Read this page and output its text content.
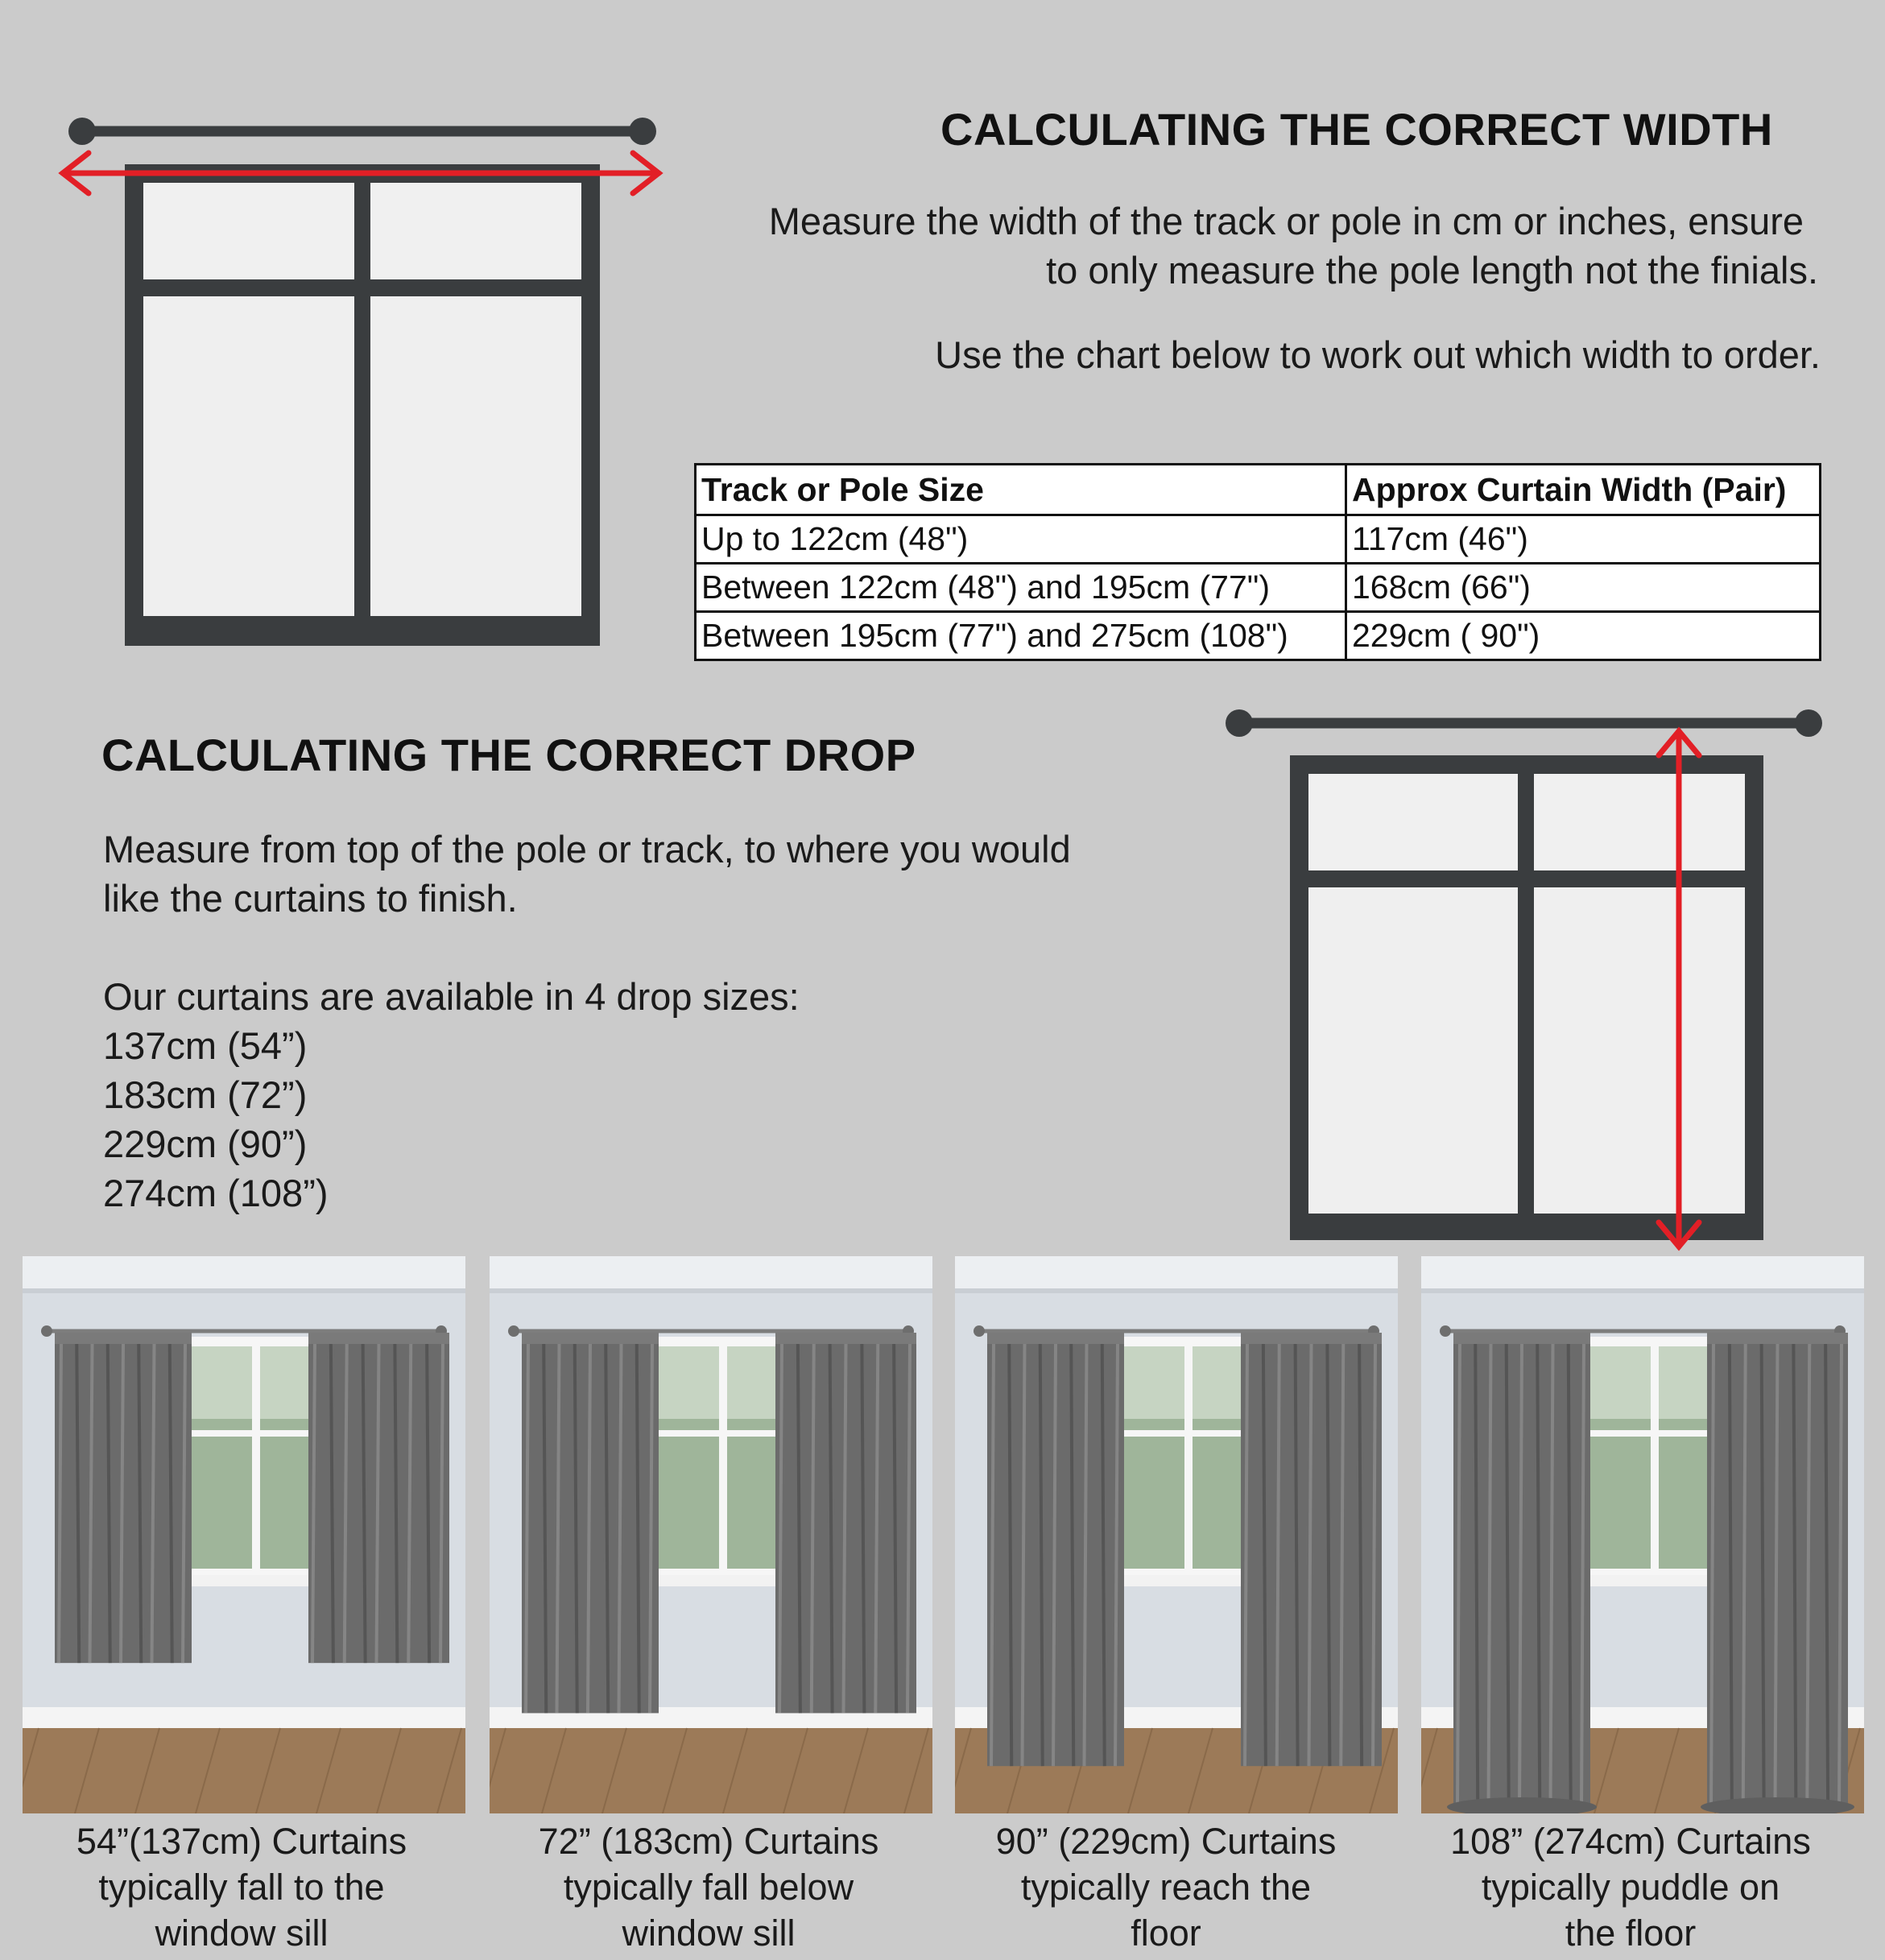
CALCULATING THE CORRECT WIDTH
Measure the width of the track or pole in cm or inches, ensure
to only measure the pole length not the finials.
Use the chart below to work out which width to order.
Track or Pole Size	Approx Curtain Width (Pair)
Up to 122cm (48")	117cm (46")
Between 122cm (48") and 195cm (77")	168cm (66")
Between 195cm (77") and 275cm (108")	229cm ( 90")
CALCULATING THE CORRECT DROP
Measure from top of the pole or track, to where you would
like the curtains to finish.
Our curtains are available in 4 drop sizes:
137cm (54”)
183cm (72”)
229cm (90”)
274cm (108”)
54”(137cm) Curtains
typically fall to the
window sill
72” (183cm) Curtains
typically fall below
window sill
90” (229cm) Curtains
typically reach the
floor
108” (274cm) Curtains
typically puddle on
the floor
